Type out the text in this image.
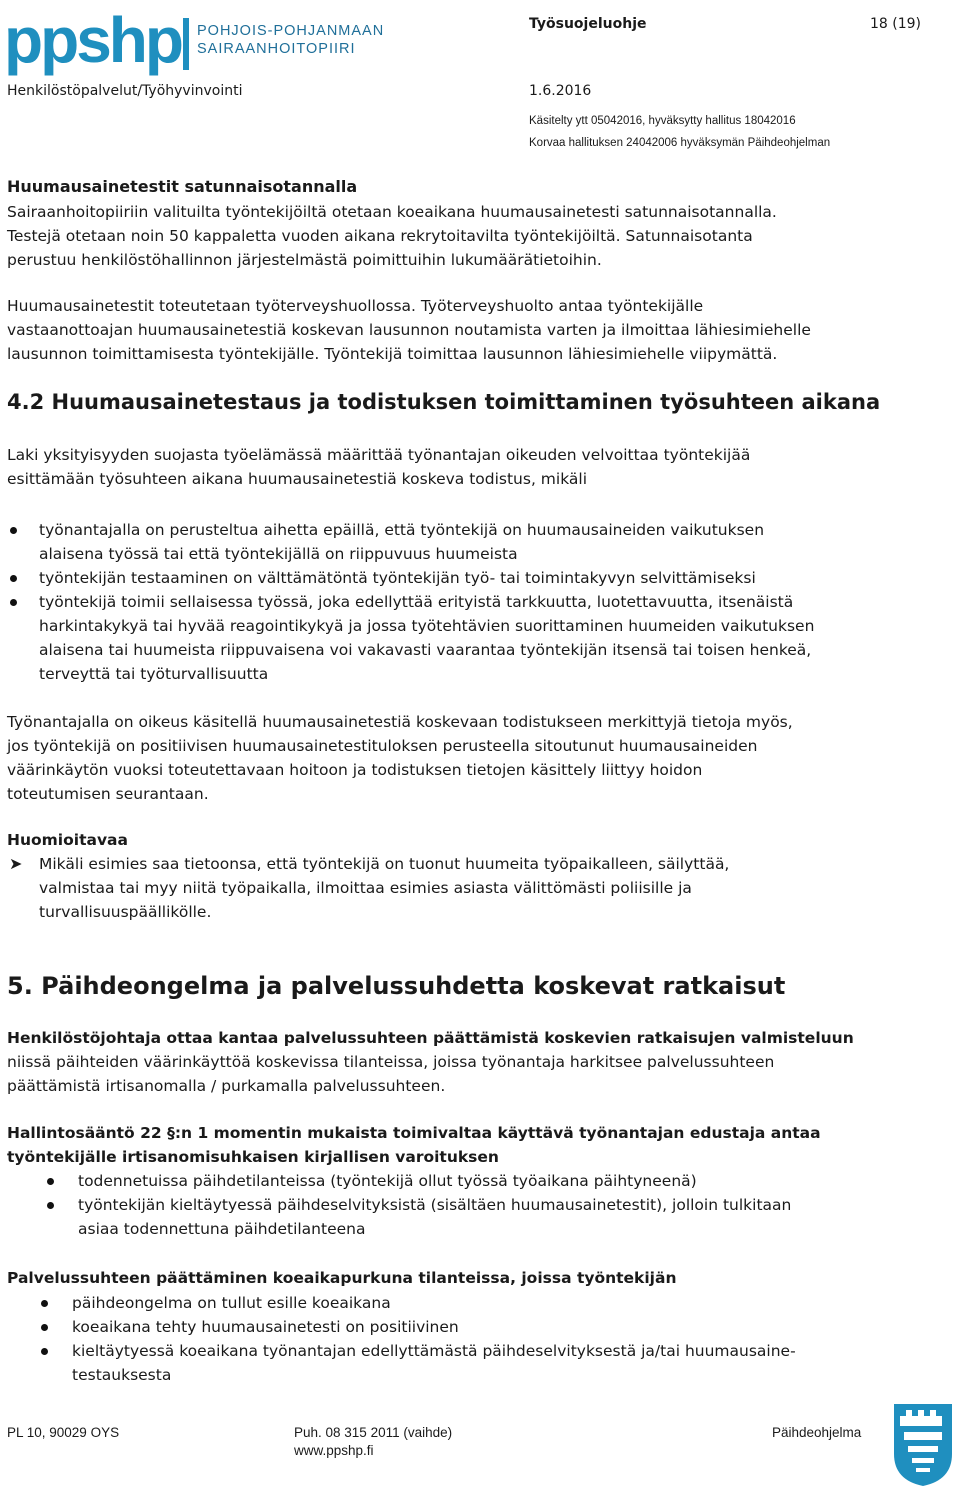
ppshp POHJOIS-POHJANMAAN
SAIRAANHOITOPIIRI
Työsuojeluohje	18 (19)
Henkilöstöpalvelut/Työhyvinvointi	1.6.2016
Käsitelty ytt 05042016, hyväksytty hallitus 18042016
Korvaa hallituksen 24042006 hyväksymän Päihdeohjelman
Huumausainetestit satunnaisotannalla
Sairaanhoitopiiriin valituilta työntekijöiltä otetaan koeaikana huumausainetesti satunnaisotannalla.
Testejä otetaan noin 50 kappaletta vuoden aikana rekrytoitavilta työntekijöiltä. Satunnaisotanta
perustuu henkilöstöhallinnon järjestelmästä poimittuihin lukumäärätietoihin.
Huumausainetestit toteutetaan työterveyshuollossa. Työterveyshuolto antaa työntekijälle
vastaanottoajan huumausainetestiä koskevan lausunnon noutamista varten ja ilmoittaa lähiesimiehelle
lausunnon toimittamisesta työntekijälle. Työntekijä toimittaa lausunnon lähiesimiehelle viipymättä.
4.2 Huumausainetestaus ja todistuksen toimittaminen työsuhteen aikana
Laki yksityisyyden suojasta työelämässä määrittää työnantajan oikeuden velvoittaa työntekijää
esittämään työsuhteen aikana huumausainetestiä koskeva todistus, mikäli
työnantajalla on perusteltua aihetta epäillä, että työntekijä on huumausaineiden vaikutuksen
alaisena työssä tai että työntekijällä on riippuvuus huumeista
työntekijän testaaminen on välttämätöntä työntekijän työ- tai toimintakyvyn selvittämiseksi
työntekijä toimii sellaisessa työssä, joka edellyttää erityistä tarkkuutta, luotettavuutta, itsenäistä
harkintakykyä tai hyvää reagointikykyä ja jossa työtehtävien suorittaminen huumeiden vaikutuksen
alaisena tai huumeista riippuvaisena voi vakavasti vaarantaa työntekijän itsensä tai toisen henkeä,
terveyttä tai työturvallisuutta
Työnantajalla on oikeus käsitellä huumausainetestiä koskevaan todistukseen merkittyjä tietoja myös,
jos työntekijä on positiivisen huumausainetestituloksen perusteella sitoutunut huumausaineiden
väärinkäytön vuoksi toteutettavaan hoitoon ja todistuksen tietojen käsittely liittyy hoidon
toteutumisen seurantaan.
Huomioitavaa
➤	Mikäli esimies saa tietoonsa, että työntekijä on tuonut huumeita työpaikalleen, säilyttää,
valmistaa tai myy niitä työpaikalla, ilmoittaa esimies asiasta välittömästi poliisille ja
turvallisuuspäällikölle.
5. Päihdeongelma ja palvelussuhdetta koskevat ratkaisut
Henkilöstöjohtaja ottaa kantaa palvelussuhteen päättämistä koskevien ratkaisujen valmisteluun
niissä päihteiden väärinkäyttöä koskevissa tilanteissa, joissa työnantaja harkitsee palvelussuhteen
päättämistä irtisanomalla / purkamalla palvelussuhteen.
Hallintosääntö 22 §:n 1 momentin mukaista toimivaltaa käyttävä työnantajan edustaja antaa
työntekijälle irtisanomisuhkaisen kirjallisen varoituksen
todennetuissa päihdetilanteissa (työntekijä ollut työssä työaikana päihtyneenä)
työntekijän kieltäytyessä päihdeselvityksistä (sisältäen huumausainetestit), jolloin tulkitaan
asiaa todennettuna päihdetilanteena
Palvelussuhteen päättäminen koeaikapurkuna tilanteissa, joissa työntekijän
päihdeongelma on tullut esille koeaikana
koeaikana tehty huumausainetesti on positiivinen
kieltäytyessä koeaikana työnantajan edellyttämästä päihdeselvityksestä ja/tai huumausaine-
testauksesta
PL 10, 90029 OYS	Puh. 08 315 2011 (vaihde)
www.ppshp.fi
Päihdeohjelma
